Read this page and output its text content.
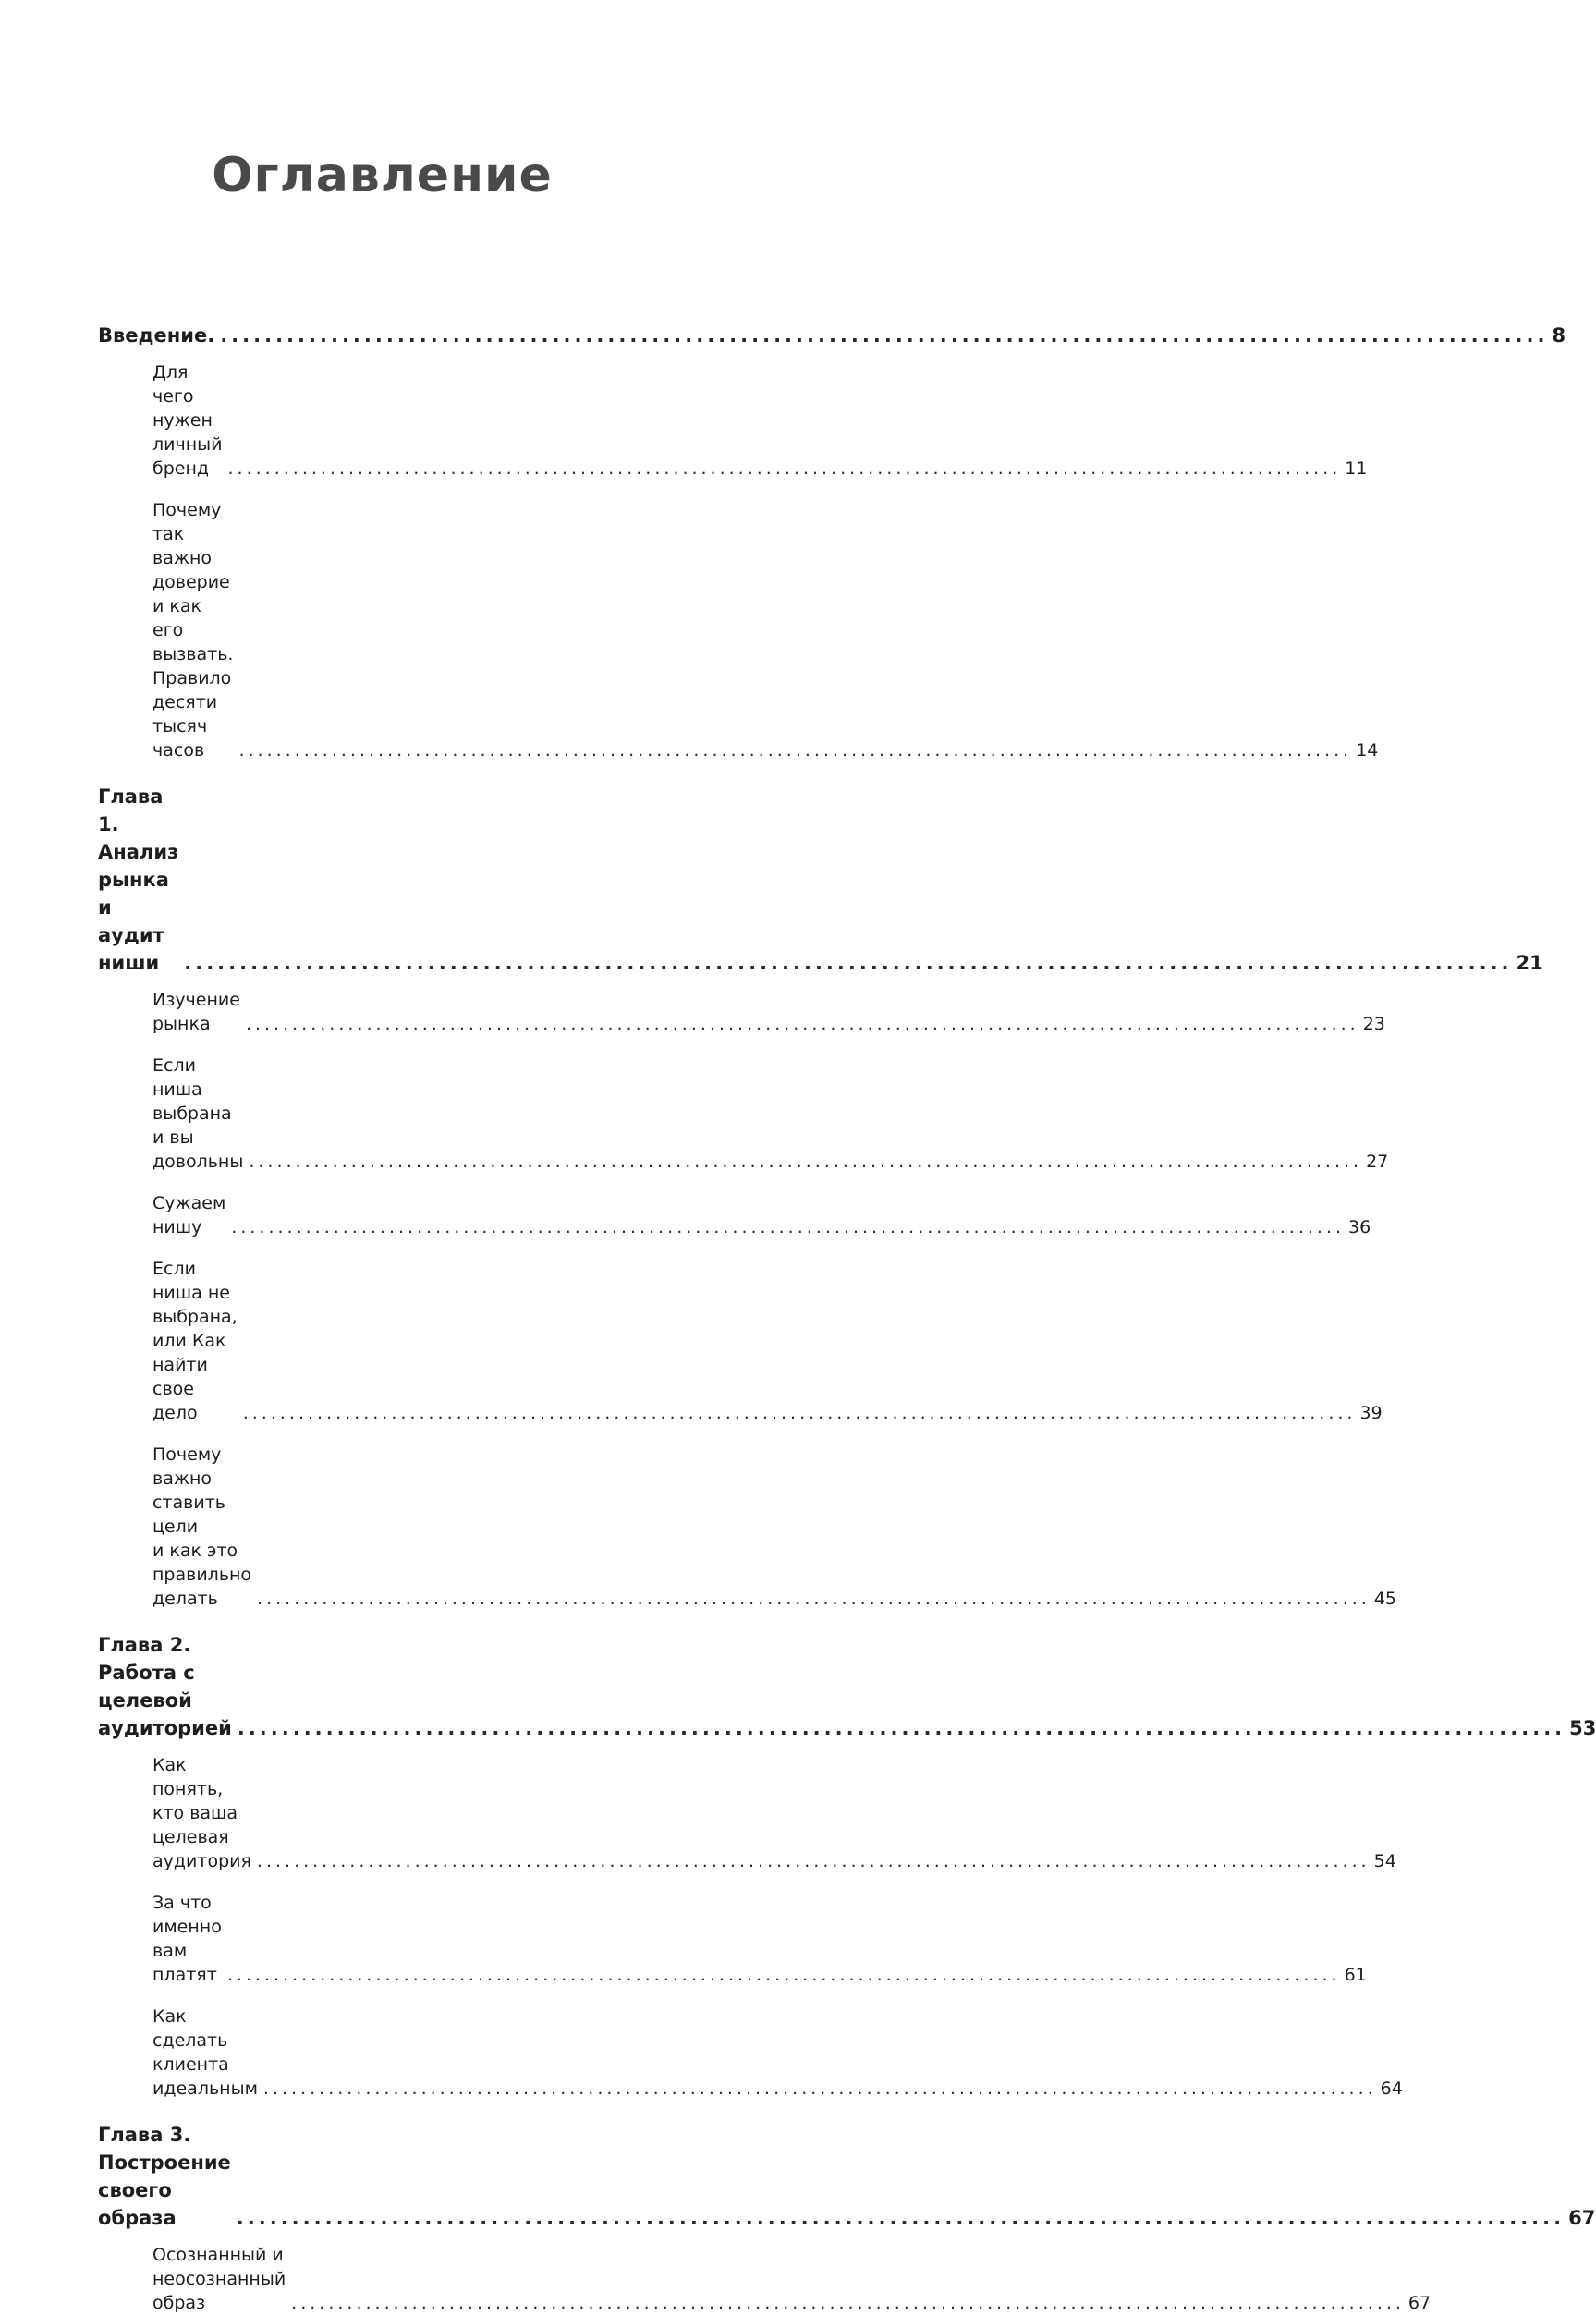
Оглавление
Введение. ........................................................................................................................ 8
Для чего нужен личный бренд	........................................................................................................................ 11
Почему так важно доверие и как его
вызвать. Правило десяти тысяч часов	........................................................................................................................ 14
Глава 1. Анализ рынка и аудит ниши	........................................................................................................................ 21
Изучение рынка	........................................................................................................................ 23
Если ниша выбрана и вы довольны ........................................................................................................................ 27
Сужаем нишу	........................................................................................................................ 36
Если ниша не выбрана,
или Как найти свое дело	........................................................................................................................ 39
Почему важно ставить цели
и как это правильно делать	........................................................................................................................ 45
Глава 2. Работа с целевой аудиторией ........................................................................................................................ 53
Как понять, кто ваша целевая аудитория ........................................................................................................................ 54
За что именно вам платят ........................................................................................................................ 61
Как сделать клиента идеальным ........................................................................................................................ 64
Глава 3. Построение своего образа	........................................................................................................................ 67
Осознанный и неосознанный образ	........................................................................................................................ 67
